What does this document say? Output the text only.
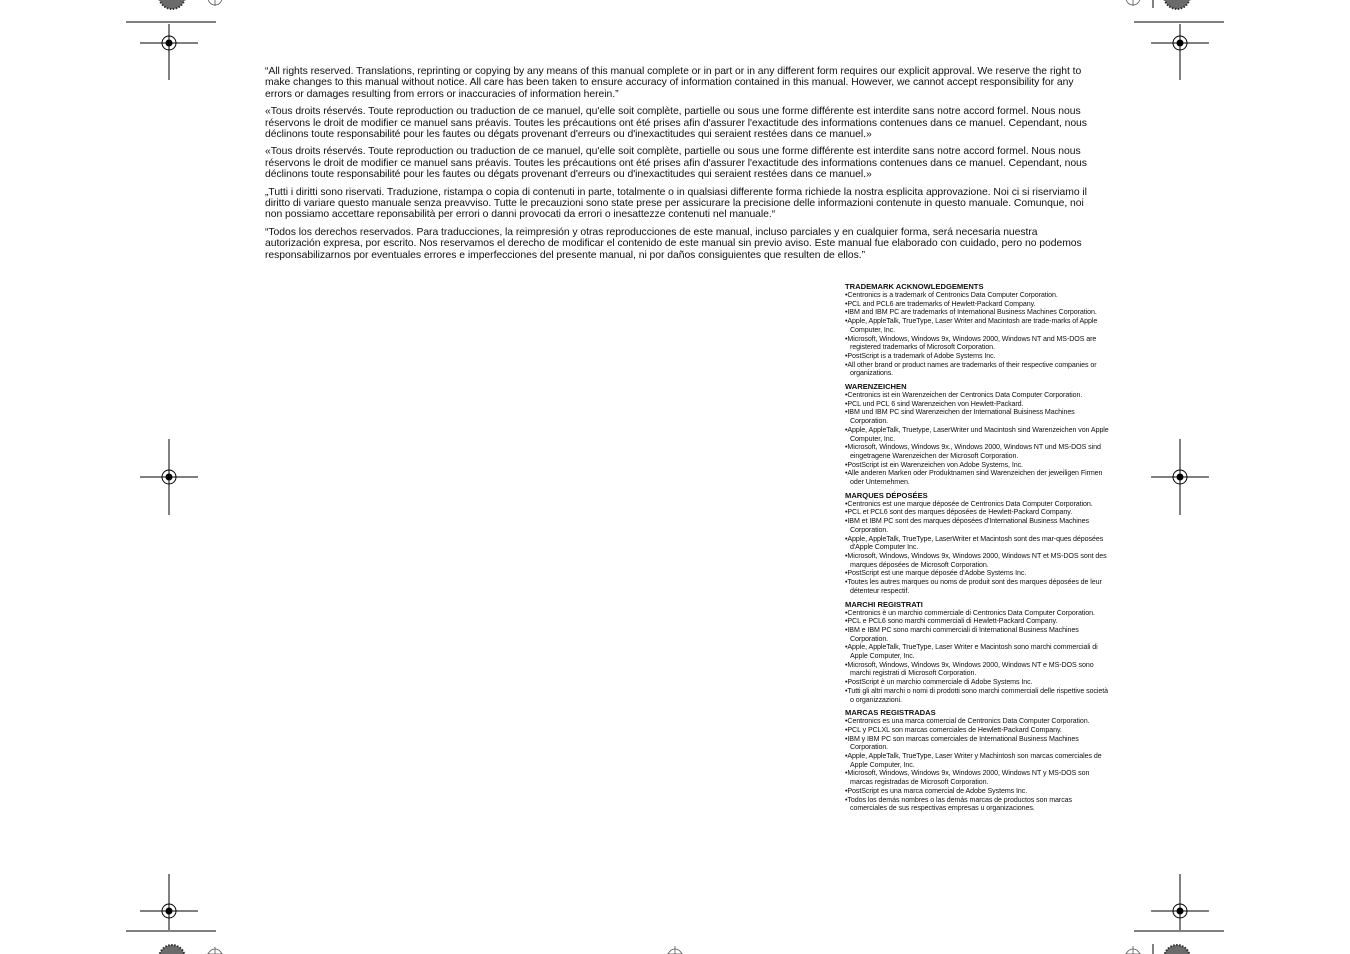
“All rights reserved. Translations, reprinting or copying by any means of this manual complete or in part or in any different form requires our explicit approval. We reserve the right to make changes to this manual without notice. All care has been taken to ensure accuracy of information contained in this manual. However, we cannot accept responsibility for any errors or damages resulting from errors or inaccuracies of information herein.”

«Tous droits réservés. Toute reproduction ou traduction de ce manuel, qu'elle soit complète, partielle ou sous une forme différente est interdite sans notre accord formel. Nous nous réservons le droit de modifier ce manuel sans préavis. Toutes les précautions ont été prises afin d'assurer l'exactitude des informations contenues dans ce manuel. Cependant, nous déclinons toute responsabilité pour les fautes ou dégats provenant d'erreurs ou d'inexactitudes qui seraient restées dans ce manuel.»

«Tous droits réservés. Toute reproduction ou traduction de ce manuel, qu'elle soit complète, partielle ou sous une forme différente est interdite sans notre accord formel. Nous nous réservons le droit de modifier ce manuel sans préavis. Toutes les précautions ont été prises afin d'assurer l'exactitude des informations contenues dans ce manuel. Cependant, nous déclinons toute responsabilité pour les fautes ou dégats provenant d'erreurs ou d'inexactitudes qui seraient restées dans ce manuel.»

„Tutti i diritti sono riservati. Traduzione, ristampa o copia di contenuti in parte, totalmente o in qualsiasi differente forma richiede la nostra esplicita approvazione. Noi ci si riserviamo il diritto di variare questo manuale senza preavviso. Tutte le precauzioni sono state prese per assicurare la precisione delle informazioni contenute in questo manuale. Comunque, noi non possiamo accettare reponsabilità per errori o danni provocati da errori o inesattezze contenuti nel manuale.“

“Todos los derechos reservados. Para traducciones, la reimpresión y otras reproducciones de este manual, incluso parciales y en cualquier forma, será necesaria nuestra autorización expresa, por escrito. Nos reservamos el derecho de modificar el contenido de este manual sin previo aviso. Este manual fue elaborado con cuidado, pero no podemos responsabilizarnos por eventuales errores e imperfecciones del presente manual, ni por daños consiguientes que resulten de ellos.”

TRADEMARK ACKNOWLEDGEMENTS
• Centronics is a trademark of Centronics Data Computer Corporation.
• PCL and PCL6 are trademarks of Hewlett-Packard Company.
• IBM and IBM PC are trademarks of International Business Machines Corporation.
• Apple, AppleTalk, TrueType, Laser Writer and Macintosh are trade-marks of Apple Computer, Inc.
• Microsoft, Windows, Windows 9x, Windows 2000, Windows NT and MS-DOS are registered trademarks of Microsoft Corporation.
• PostScript is a trademark of Adobe Systems Inc.
• All other brand or product names are trademarks of their respective companies or organizations.
WARENZEICHEN
• Centronics ist ein Warenzeichen der Centronics Data Computer Corporation.
• PCL und PCL 6 sind Warenzeichen von Hewlett-Packard.
• IBM und IBM PC sind Warenzeichen der International Buisiness Machines Corporation.
• Apple, AppleTalk, Truetype, LaserWriter und Macintosh sind Warenzeichen von Apple Computer, Inc.
• Microsoft, Windows, Windows 9x., Windows 2000, Windows NT und MS-DOS sind eingetragene Warenzeichen der Microsoft Corporation.
• PostScript ist ein Warenzeichen von Adobe Systems, Inc.
• Alle anderen Marken oder Produktnamen sind Warenzeichen der jeweiligen Firmen oder Unternehmen.
MARQUES DÉPOSÉES
• Centronics est une marque déposée de Centronics Data Computer Corporation.
• PCL et PCL6 sont des marques déposées de Hewlett-Packard Company.
• IBM et IBM PC sont des marques déposées d'International Business Machines Corporation.
• Apple, AppleTalk, TrueType, LaserWriter et Macintosh sont des mar-ques déposées d'Apple Computer Inc.
• Microsoft, Windows, Windows 9x, Windows 2000, Windows NT et MS-DOS sont des marques déposées de Microsoft Corporation.
• PostScript est une marque déposée d'Adobe Systems Inc.
• Toutes les autres marques ou noms de produit sont des marques déposées de leur détenteur respectif.
MARCHI REGISTRATI
• Centronics è un marchio commerciale di Centronics Data Computer Corporation.
• PCL e PCL6 sono marchi commerciali di Hewlett-Packard Company.
• IBM e IBM PC sono marchi commerciali di International Business Machines Corporation.
• Apple, AppleTalk, TrueType, Laser Writer e Macintosh sono marchi commerciali di Apple Computer, Inc.
• Microsoft, Windows, Windows 9x, Windows 2000, Windows NT e MS-DOS sono marchi registrati di Microsoft Corporation.
• PostScript è un marchio commerciale di Adobe Systems Inc.
• Tutti gli altri marchi o nomi di prodotti sono marchi commerciali delle rispettive società o organizzazioni.
MARCAS REGISTRADAS
• Centronics es una marca comercial de Centronics Data Computer Corporation.
• PCL y PCLXL son marcas comerciales de Hewlett-Packard Company.
• IBM y IBM PC son marcas comerciales de International Business Machines Corporation.
• Apple, AppleTalk, TrueType, Laser Writer y Machintosh son marcas comerciales de Apple Computer, Inc.
• Microsoft, Windows, Windows 9x, Windows 2000, Windows NT y MS-DOS son marcas registradas de Microsoft Corporation.
• PostScript es una marca comercial de Adobe Systems Inc.
• Todos los demás nombres o las demás marcas de productos son marcas comerciales de sus respectivas empresas u organizaciones.
